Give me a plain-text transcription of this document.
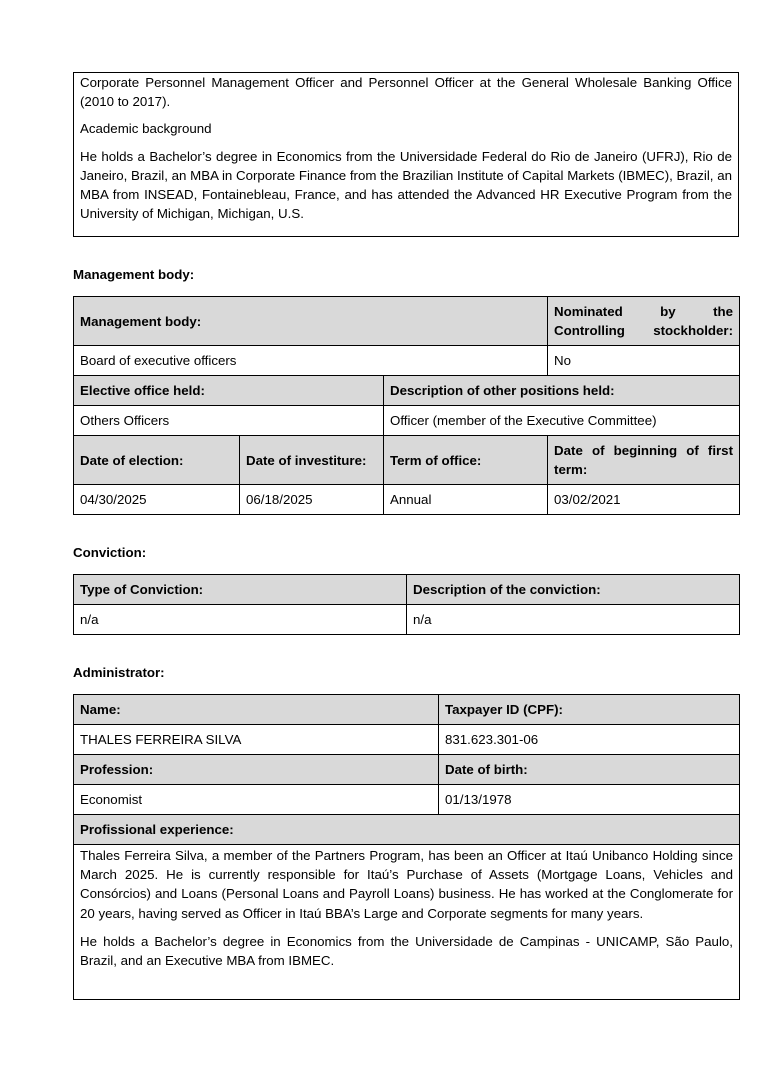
Corporate Personnel Management Officer and Personnel Officer at the General Wholesale Banking Office (2010 to 2017).

Academic background

He holds a Bachelor’s degree in Economics from the Universidade Federal do Rio de Janeiro (UFRJ), Rio de Janeiro, Brazil, an MBA in Corporate Finance from the Brazilian Institute of Capital Markets (IBMEC), Brazil, an MBA from INSEAD, Fontainebleau, France, and has attended the Advanced HR Executive Program from the University of Michigan, Michigan, U.S.

Management body:
Management body:			Nominated by the Controlling stockholder:
Board of executive officers			No
Elective office held:		Description of other positions held:	
Others Officers		Officer (member of the Executive Committee)	
Date of election:	Date of investiture:	Term of office:	Date of beginning of first term:
04/30/2025	06/18/2025	Annual	03/02/2021
Conviction:
Type of Conviction:	Description of the conviction:
n/a	n/a
Administrator:
Name:	Taxpayer ID (CPF):
THALES FERREIRA SILVA	831.623.301-06
Profession:	Date of birth:
Economist	01/13/1978
Profissional experience:	

Thales Ferreira Silva, a member of the Partners Program, has been an Officer at Itaú Unibanco Holding since March 2025. He is currently responsible for Itaú’s Purchase of Assets (Mortgage Loans, Vehicles and Consórcios) and Loans (Personal Loans and Payroll Loans) business. He has worked at the Conglomerate for 20 years, having served as Officer in Itaú BBA’s Large and Corporate segments for many years.

He holds a Bachelor’s degree in Economics from the Universidade de Campinas - UNICAMP, São Paulo, Brazil, and an Executive MBA from IBMEC.	
